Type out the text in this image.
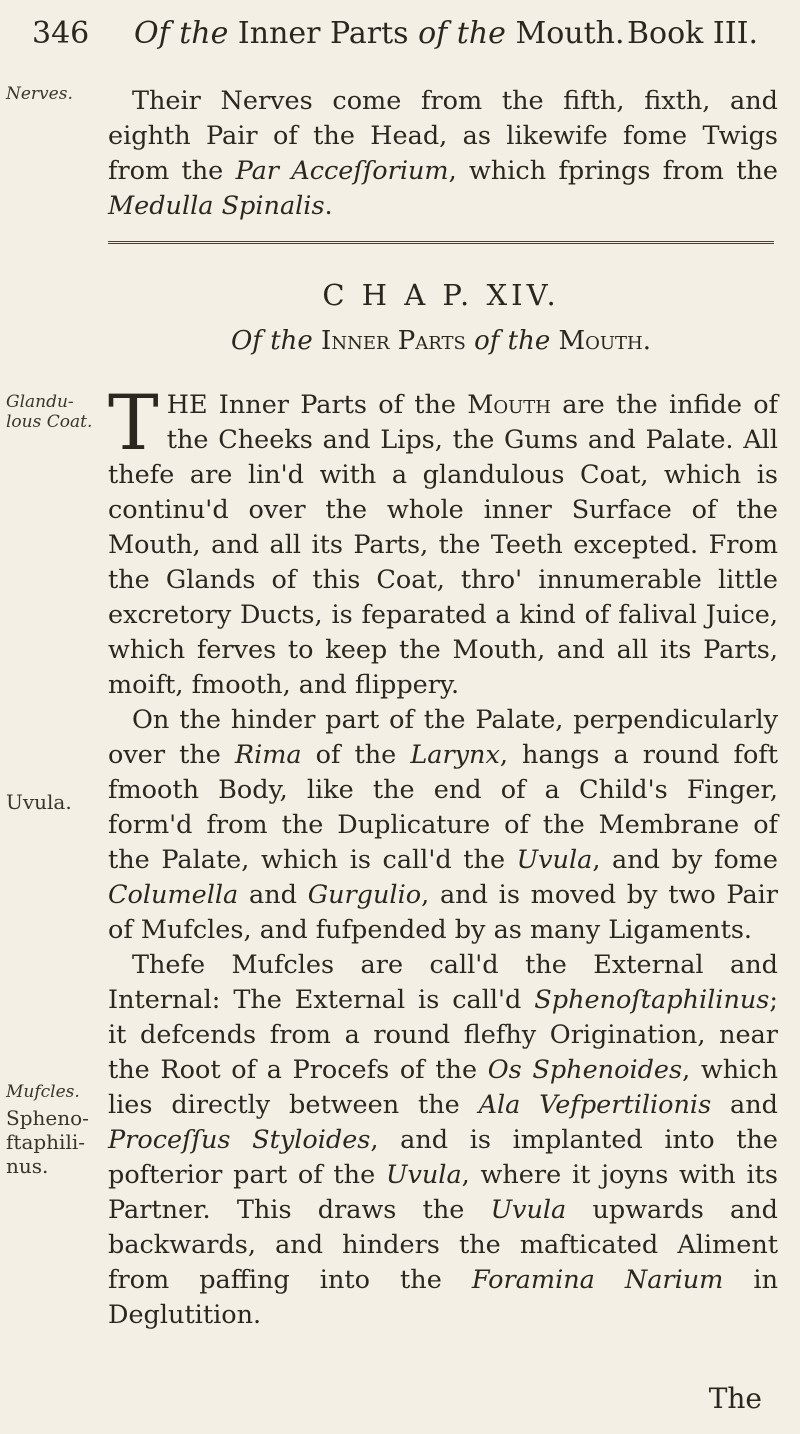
346 Of the Inner Parts of the Mouth. Book III.
Nerves.
Glandu-
lous Coat.
Uvula.
Mufcles.
Spheno-
ftaphili-
nus.
Their Nerves come from the fifth, fixth, and eighth Pair of the Head, as likewife fome Twigs from the Par Acceſſorium, which fprings from the Medulla Spinalis.
C H A P. XIV.
Of the Inner Parts of the Mouth.

THE Inner Parts of the Mouth are the infide of the Cheeks and Lips, the Gums and Palate. All thefe are lin'd with a glandulous Coat, which is continu'd over the whole inner Surface of the Mouth, and all its Parts, the Teeth excepted. From the Glands of this Coat, thro' innumerable little excretory Ducts, is feparated a kind of falival Juice, which ferves to keep the Mouth, and all its Parts, moift, fmooth, and flippery.

On the hinder part of the Palate, perpendicularly over the Rima of the Larynx, hangs a round foft fmooth Body, like the end of a Child's Finger, form'd from the Duplicature of the Membrane of the Palate, which is call'd the Uvula, and by fome Columella and Gurgulio, and is moved by two Pair of Mufcles, and fufpended by as many Ligaments.

Thefe Mufcles are call'd the External and Internal: The External is call'd Sphenoſtaphilinus; it defcends from a round flefhy Origination, near the Root of a Procefs of the Os Sphenoides, which lies directly between the Ala Vefpertilionis and Proceſſus Styloides, and is implanted into the pofterior part of the Uvula, where it joyns with its Partner. This draws the Uvula upwards and backwards, and hinders the mafticated Aliment from paffing into the Foramina Narium in Deglutition.

The
